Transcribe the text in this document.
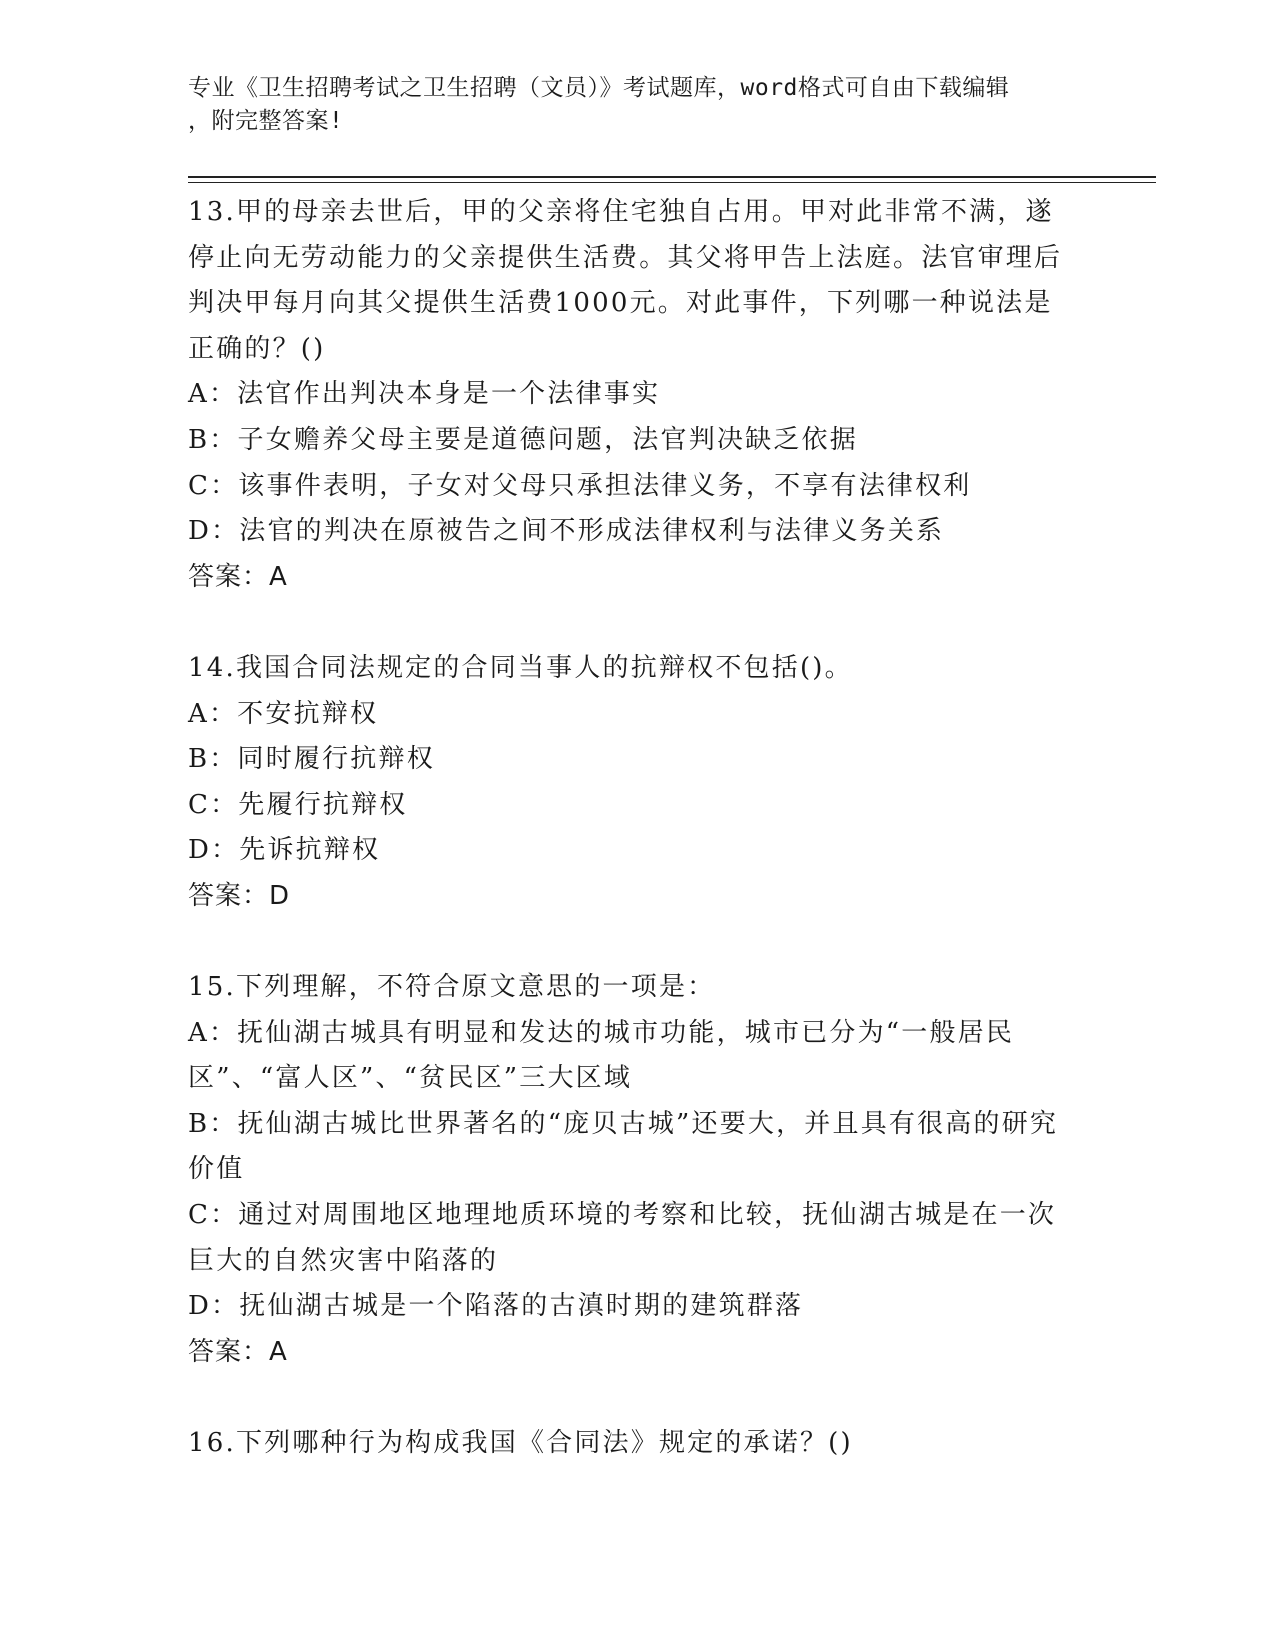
专业《卫生招聘考试之卫生招聘（文员）》考试题库，word格式可自由下载编辑
，附完整答案!

13.甲的母亲去世后，甲的父亲将住宅独自占用。甲对此非常不满，遂停止向无劳动能力的父亲提供生活费。其父将甲告上法庭。法官审理后判决甲每月向其父提供生活费1000元。对此事件，下列哪一种说法是正确的？()

A：法官作出判决本身是一个法律事实

B：子女赡养父母主要是道德问题，法官判决缺乏依据

C：该事件表明，子女对父母只承担法律义务，不享有法律权利

D：法官的判决在原被告之间不形成法律权利与法律义务关系

答案：A

14.我国合同法规定的合同当事人的抗辩权不包括()。

A：不安抗辩权

B：同时履行抗辩权

C：先履行抗辩权

D：先诉抗辩权

答案：D

15.下列理解，不符合原文意思的一项是：

A：抚仙湖古城具有明显和发达的城市功能，城市已分为“一般居民区”、“富人区”、“贫民区”三大区域

B：抚仙湖古城比世界著名的“庞贝古城”还要大，并且具有很高的研究价值

C：通过对周围地区地理地质环境的考察和比较，抚仙湖古城是在一次巨大的自然灾害中陷落的

D：抚仙湖古城是一个陷落的古滇时期的建筑群落

答案：A

16.下列哪种行为构成我国《合同法》规定的承诺？()
